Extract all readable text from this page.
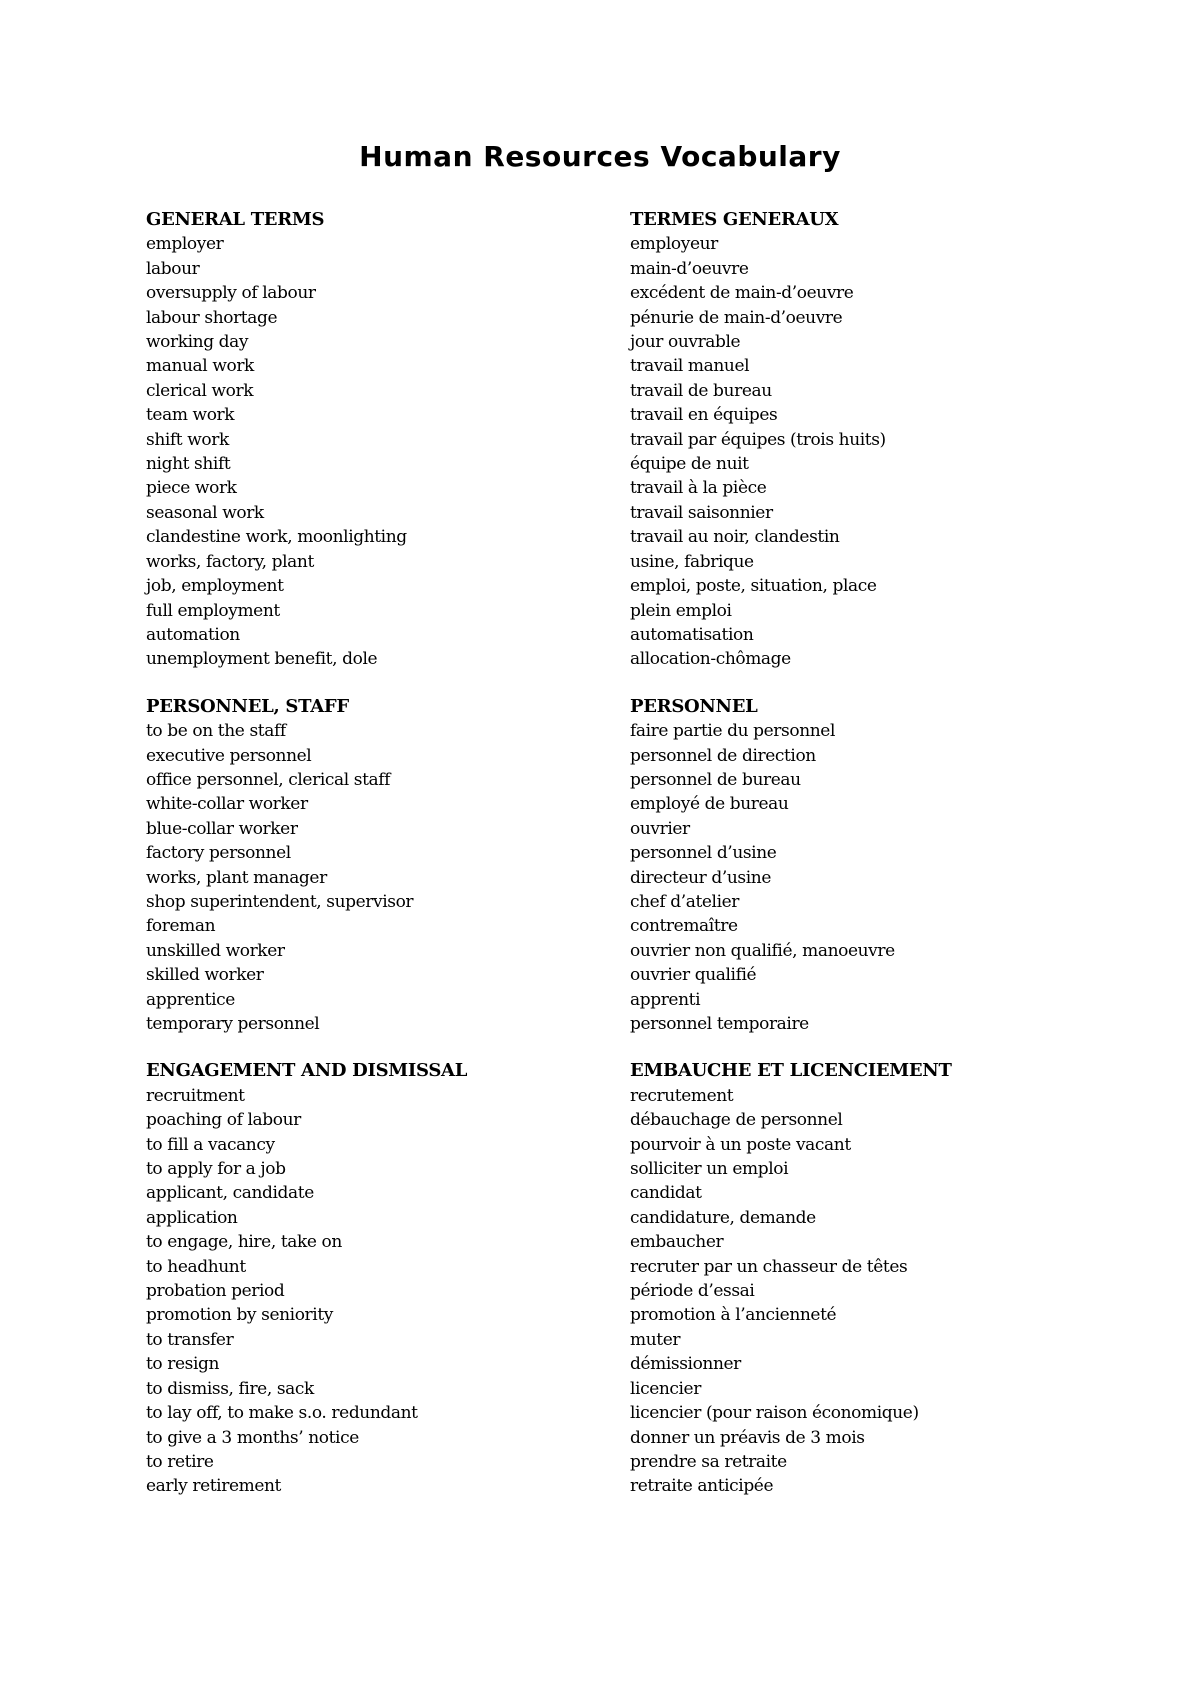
Human Resources Vocabulary
GENERAL TERMS
employer
labour
oversupply of labour
labour shortage
working day
manual work
clerical work
team work
shift work
night shift
piece work
seasonal work
clandestine work, moonlighting
works, factory, plant
job, employment
full employment
automation
unemployment benefit, dole
PERSONNEL, STAFF
to be on the staff
executive personnel
office personnel, clerical staff
white-collar worker
blue-collar worker
factory personnel
works, plant manager
shop superintendent, supervisor
foreman
unskilled worker
skilled worker
apprentice
temporary personnel
ENGAGEMENT AND DISMISSAL
recruitment
poaching of labour
to fill a vacancy
to apply for a job
applicant, candidate
application
to engage, hire, take on
to headhunt
probation period
promotion by seniority
to transfer
to resign
to dismiss, fire, sack
to lay off, to make s.o. redundant
to give a 3 months’ notice
to retire
early retirement
TERMES GENERAUX
employeur
main-d’oeuvre
excédent de main-d’oeuvre
pénurie de main-d’oeuvre
jour ouvrable
travail manuel
travail de bureau
travail en équipes
travail par équipes (trois huits)
équipe de nuit
travail à la pièce
travail saisonnier
travail au noir, clandestin
usine, fabrique
emploi, poste, situation, place
plein emploi
automatisation
allocation-chômage
PERSONNEL
faire partie du personnel
personnel de direction
personnel de bureau
employé de bureau
ouvrier
personnel d’usine
directeur d’usine
chef d’atelier
contremaître
ouvrier non qualifié, manoeuvre
ouvrier qualifié
apprenti
personnel temporaire
EMBAUCHE ET LICENCIEMENT
recrutement
débauchage de personnel
pourvoir à un poste vacant
solliciter un emploi
candidat
candidature, demande
embaucher
recruter par un chasseur de têtes
période d’essai
promotion à l’ancienneté
muter
démissionner
licencier
licencier (pour raison économique)
donner un préavis de 3 mois
prendre sa retraite
retraite anticipée
